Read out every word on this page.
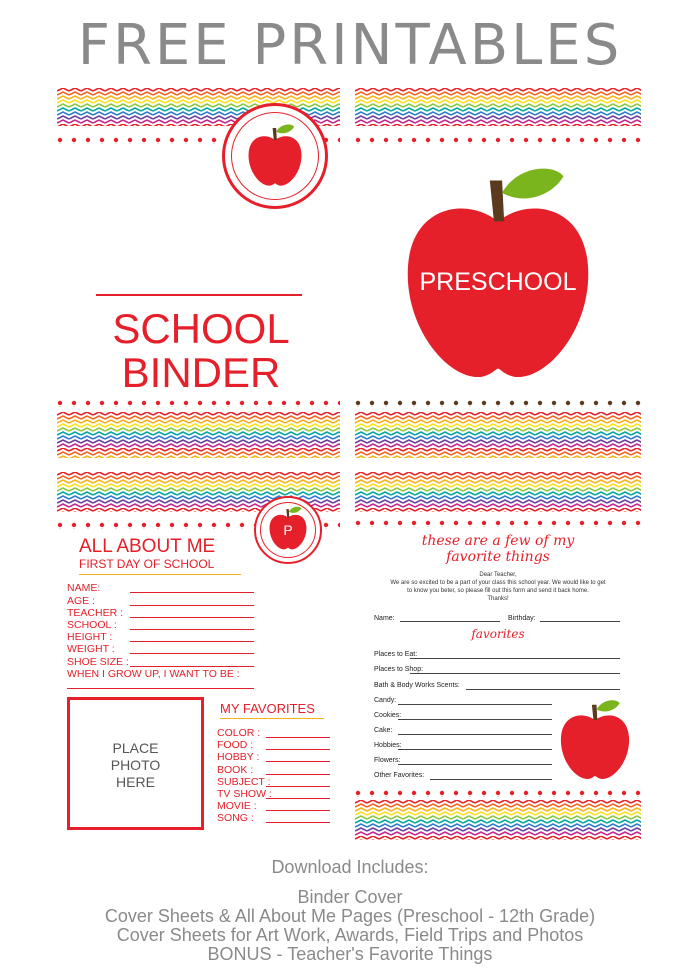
FREE PRINTABLES
SCHOOL
BINDER
PRESCHOOL
P
ALL ABOUT ME
FIRST DAY OF SCHOOL
NAME:
AGE :
TEACHER :
SCHOOL :
HEIGHT :
WEIGHT :
SHOE SIZE :
WHEN I GROW UP, I WANT TO BE :
PLACE
PHOTO
HERE
MY FAVORITES
COLOR :
FOOD :
HOBBY :
BOOK :
SUBJECT :
TV SHOW :
MOVIE :
SONG :
these are a few of my
favorite things
Dear Teacher,
We are so excited to be a part of your class this school year. We would like to get
to know you beter, so please fill out this form and send it back home.
Thanks!
Name:	Birthday:
favorites
Places to Eat:
Places to Shop:
Bath & Body Works Scents:
Candy:
Cookies:
Cake:
Hobbies:
Flowers:
Other Favorites:
Download Includes:
Binder Cover
Cover Sheets & All About Me Pages (Preschool - 12th Grade)
Cover Sheets for Art Work, Awards, Field Trips and Photos
BONUS - Teacher's Favorite Things
